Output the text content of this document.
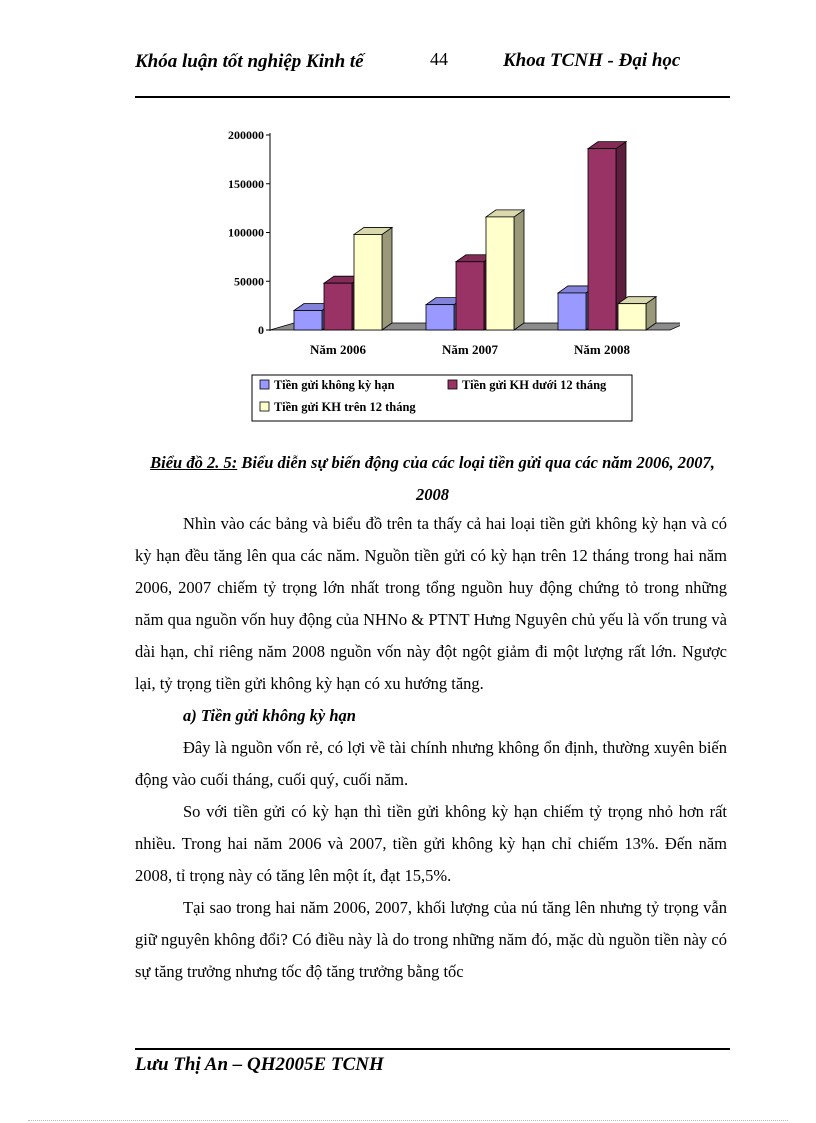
Khóa luận tốt nghiệp Kinh tế	44	Khoa TCNH - Đại học
0
50000
100000
150000
200000
Năm 2006	Năm 2007	Năm 2008
Tiền gửi không kỳ hạn	Tiền gửi KH dưới 12 tháng
Tiền gửi KH trên 12 tháng
Biểu đồ 2. 5: Biểu diễn sự biến động của các loại tiền gửi qua các năm 2006, 2007, 2008

Nhìn vào các bảng và biểu đồ trên ta thấy cả hai loại tiền gửi không kỳ hạn và có kỳ hạn đều tăng lên qua các năm. Nguồn tiền gửi có kỳ hạn trên 12 tháng trong hai năm 2006, 2007 chiếm tỷ trọng lớn nhất trong tổng nguồn huy động chứng tỏ trong những năm qua nguồn vốn huy động của NHNo & PTNT Hưng Nguyên chủ yếu là vốn trung và dài hạn, chỉ riêng năm 2008 nguồn vốn này đột ngột giảm đi một lượng rất lớn. Ngược lại, tỷ trọng tiền gửi không kỳ hạn có xu hướng tăng.

a) Tiền gửi không kỳ hạn

Đây là nguồn vốn rẻ, có lợi về tài chính nhưng không ổn định, thường xuyên biến động vào cuối tháng, cuối quý, cuối năm.

So với tiền gửi có kỳ hạn thì tiền gửi không kỳ hạn chiếm tỷ trọng nhỏ hơn rất nhiều. Trong hai năm 2006 và 2007, tiền gửi không kỳ hạn chỉ chiếm 13%. Đến năm 2008, tỉ trọng này có tăng lên một ít, đạt 15,5%.

Tại sao trong hai năm 2006, 2007, khối lượng của nú tăng lên nhưng tỷ trọng vẫn giữ nguyên không đổi? Có điều này là do trong những năm đó, mặc dù nguồn tiền này có sự tăng trưởng nhưng tốc độ tăng trưởng bằng tốc

Lưu Thị An – QH2005E TCNH
